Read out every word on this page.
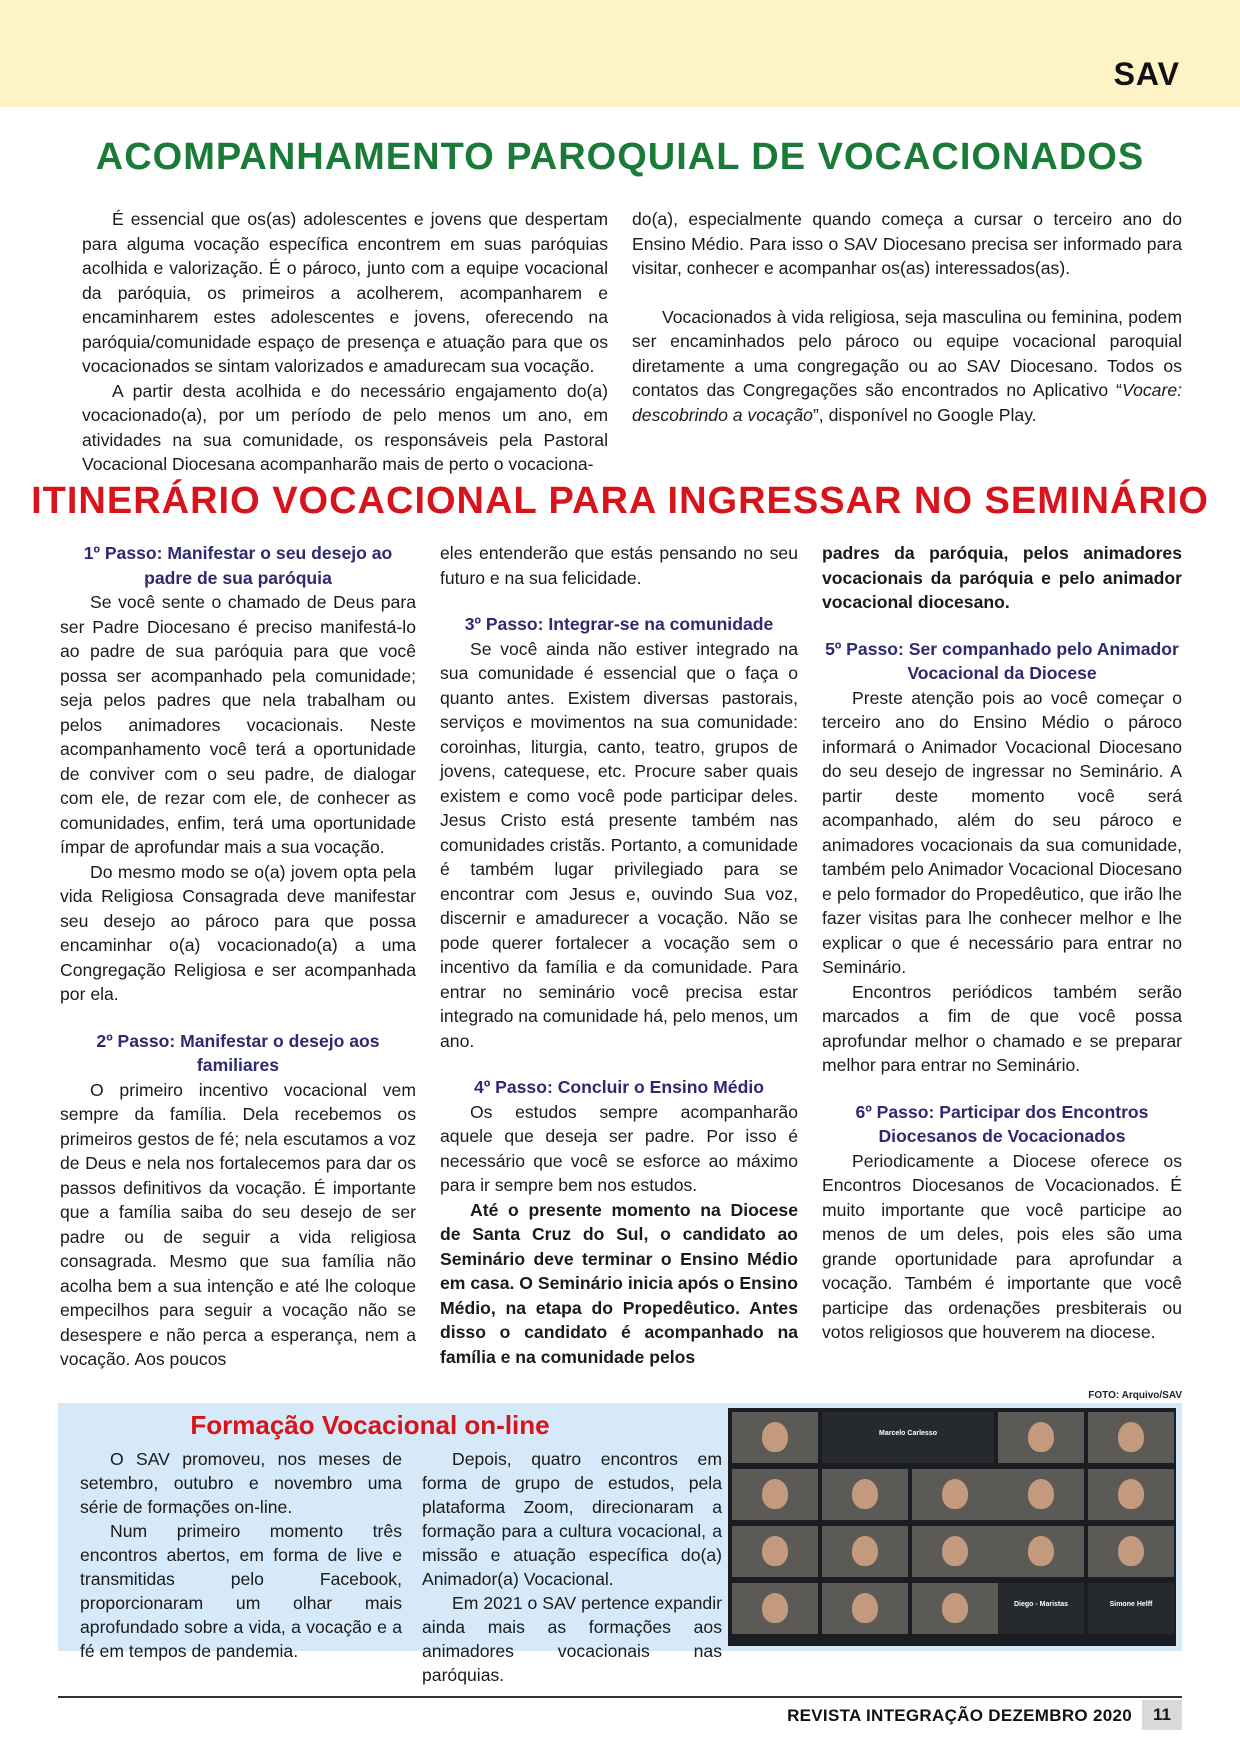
SAV
ACOMPANHAMENTO PAROQUIAL DE VOCACIONADOS

É essencial que os(as) adolescentes e jovens que despertam para alguma vocação específica encontrem em suas paróquias acolhida e valorização. É o pároco, junto com a equipe vocacional da paróquia, os primeiros a acolherem, acompanharem e encaminharem estes adolescentes e jovens, oferecendo na paróquia/comunidade espaço de presença e atuação para que os vocacionados se sintam valorizados e amadurecam sua vocação.

A partir desta acolhida e do necessário engajamento do(a) vocacionado(a), por um período de pelo menos um ano, em atividades na sua comunidade, os responsáveis pela Pastoral Vocacional Diocesana acompanharão mais de perto o vocaciona-

do(a), especialmente quando começa a cursar o terceiro ano do Ensino Médio. Para isso o SAV Diocesano precisa ser informado para visitar, conhecer e acompanhar os(as) interessados(as).

Vocacionados à vida religiosa, seja masculina ou feminina, podem ser encaminhados pelo pároco ou equipe vocacional paroquial diretamente a uma congregação ou ao SAV Diocesano. Todos os contatos das Congregações são encontrados no Aplicativo “Vocare: descobrindo a vocação”, disponível no Google Play.

ITINERÁRIO VOCACIONAL PARA INGRESSAR NO SEMINÁRIO

1º Passo: Manifestar o seu desejo ao padre de sua paróquia

Se você sente o chamado de Deus para ser Padre Diocesano é preciso manifestá-lo ao padre de sua paróquia para que você possa ser acompanhado pela comunidade; seja pelos padres que nela trabalham ou pelos animadores vocacionais. Neste acompanhamento você terá a oportunidade de conviver com o seu padre, de dialogar com ele, de rezar com ele, de conhecer as comunidades, enfim, terá uma oportunidade ímpar de aprofundar mais a sua vocação.

Do mesmo modo se o(a) jovem opta pela vida Religiosa Consagrada deve manifestar seu desejo ao pároco para que possa encaminhar o(a) vocacionado(a) a uma Congregação Religiosa e ser acompanhada por ela.

2º Passo: Manifestar o desejo aos familiares

O primeiro incentivo vocacional vem sempre da família. Dela recebemos os primeiros gestos de fé; nela escutamos a voz de Deus e nela nos fortalecemos para dar os passos definitivos da vocação. É importante que a família saiba do seu desejo de ser padre ou de seguir a vida religiosa consagrada. Mesmo que sua família não acolha bem a sua intenção e até lhe coloque empecilhos para seguir a vocação não se desespere e não perca a esperança, nem a vocação. Aos poucos

eles entenderão que estás pensando no seu futuro e na sua felicidade.

3º Passo: Integrar-se na comunidade

Se você ainda não estiver integrado na sua comunidade é essencial que o faça o quanto antes. Existem diversas pastorais, serviços e movimentos na sua comunidade: coroinhas, liturgia, canto, teatro, grupos de jovens, catequese, etc. Procure saber quais existem e como você pode participar deles. Jesus Cristo está presente também nas comunidades cristãs. Portanto, a comunidade é também lugar privilegiado para se encontrar com Jesus e, ouvindo Sua voz, discernir e amadurecer a vocação. Não se pode querer fortalecer a vocação sem o incentivo da família e da comunidade. Para entrar no seminário você precisa estar integrado na comunidade há, pelo menos, um ano.

4º Passo: Concluir o Ensino Médio

Os estudos sempre acompanharão aquele que deseja ser padre. Por isso é necessário que você se esforce ao máximo para ir sempre bem nos estudos.

Até o presente momento na Diocese de Santa Cruz do Sul, o candidato ao Seminário deve terminar o Ensino Médio em casa. O Seminário inicia após o Ensino Médio, na etapa do Propedêutico. Antes disso o candidato é acompanhado na família e na comunidade pelos

padres da paróquia, pelos animadores vocacionais da paróquia e pelo animador vocacional diocesano.

5º Passo: Ser companhado pelo Animador Vocacional da Diocese

Preste atenção pois ao você começar o terceiro ano do Ensino Médio o pároco informará o Animador Vocacional Diocesano do seu desejo de ingressar no Seminário. A partir deste momento você será acompanhado, além do seu pároco e animadores vocacionais da sua comunidade, também pelo Animador Vocacional Diocesano e pelo formador do Propedêutico, que irão lhe fazer visitas para lhe conhecer melhor e lhe explicar o que é necessário para entrar no Seminário.

Encontros periódicos também serão marcados a fim de que você possa aprofundar melhor o chamado e se preparar melhor para entrar no Seminário.

6º Passo: Participar dos Encontros Diocesanos de Vocacionados

Periodicamente a Diocese oferece os Encontros Diocesanos de Vocacionados. É muito importante que você participe ao menos de um deles, pois eles são uma grande oportunidade para aprofundar a vocação. Também é importante que você participe das ordenações presbiterais ou votos religiosos que houverem na diocese.

FOTO: Arquivo/SAV

O SAV promoveu, nos meses de setembro, outubro e novembro uma série de formações on-line.

Num primeiro momento três encontros abertos, em forma de live e transmitidas pelo Facebook, proporcionaram um olhar mais aprofundado sobre a vida, a vocação e a fé em tempos de pandemia.

Depois, quatro encontros em forma de grupo de estudos, pela plataforma Zoom, direcionaram a formação para a cultura vocacional, a missão e atuação específica do(a) Animador(a) Vocacional.

Em 2021 o SAV pertence expandir ainda mais as formações aos animadores vocacionais nas paróquias.

Formação Vocacional on-line	Marcelo Carlesso
Diego - Maristas	Simone Helff
REVISTA INTEGRAÇÃO DEZEMBRO 2020	11
